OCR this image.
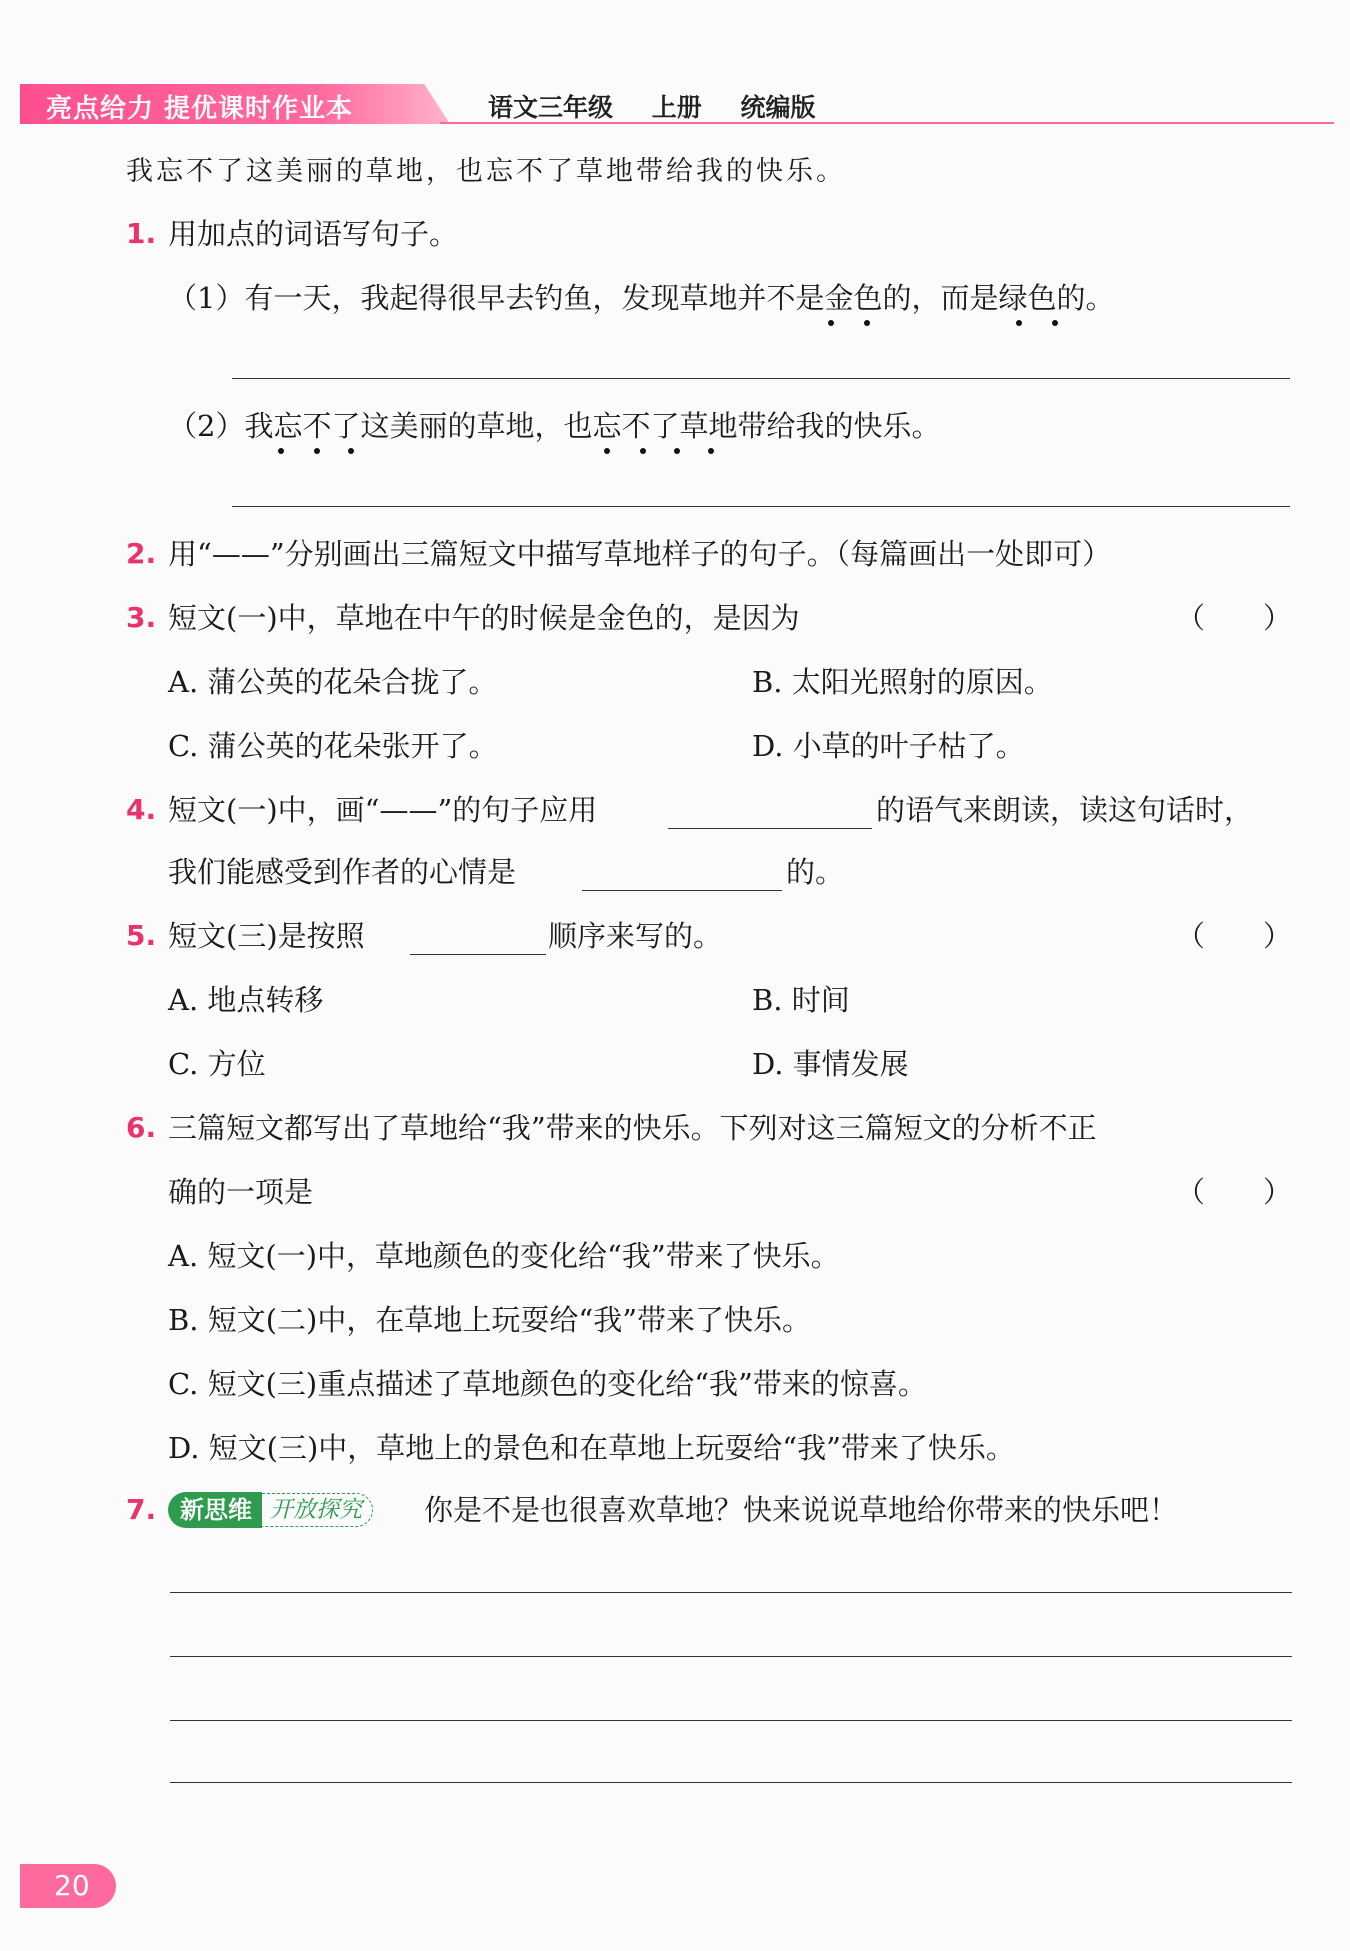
亮点给力 提优课时作业本	语文三年级 上册 统编版
我忘不了这美丽的草地，也忘不了草地带给我的快乐。
1. 用加点的词语写句子。
（1）有一天，我起得很早去钓鱼，发现草地并不是金色的，而是绿色的。
（2）我忘不了这美丽的草地，也忘不了草地带给我的快乐。
2. 用“——”分别画出三篇短文中描写草地样子的句子。（每篇画出一处即可）
3. 短文(一)中，草地在中午的时候是金色的，是因为	（　　）
A. 蒲公英的花朵合拢了。	B. 太阳光照射的原因。
C. 蒲公英的花朵张开了。	D. 小草的叶子枯了。
4. 短文(一)中，画“——”的句子应用	的语气来朗读，读这句话时，
我们能感受到作者的心情是	的。
5. 短文(三)是按照	顺序来写的。	（　　）
A. 地点转移	B. 时间
C. 方位	D. 事情发展
6. 三篇短文都写出了草地给“我”带来的快乐。下列对这三篇短文的分析不正
确的一项是	（　　）
A. 短文(一)中，草地颜色的变化给“我”带来了快乐。
B. 短文(二)中，在草地上玩耍给“我”带来了快乐。
C. 短文(三)重点描述了草地颜色的变化给“我”带来的惊喜。
D. 短文(三)中，草地上的景色和在草地上玩耍给“我”带来了快乐。
7. 新思维 开放探究	你是不是也很喜欢草地？快来说说草地给你带来的快乐吧！
20
